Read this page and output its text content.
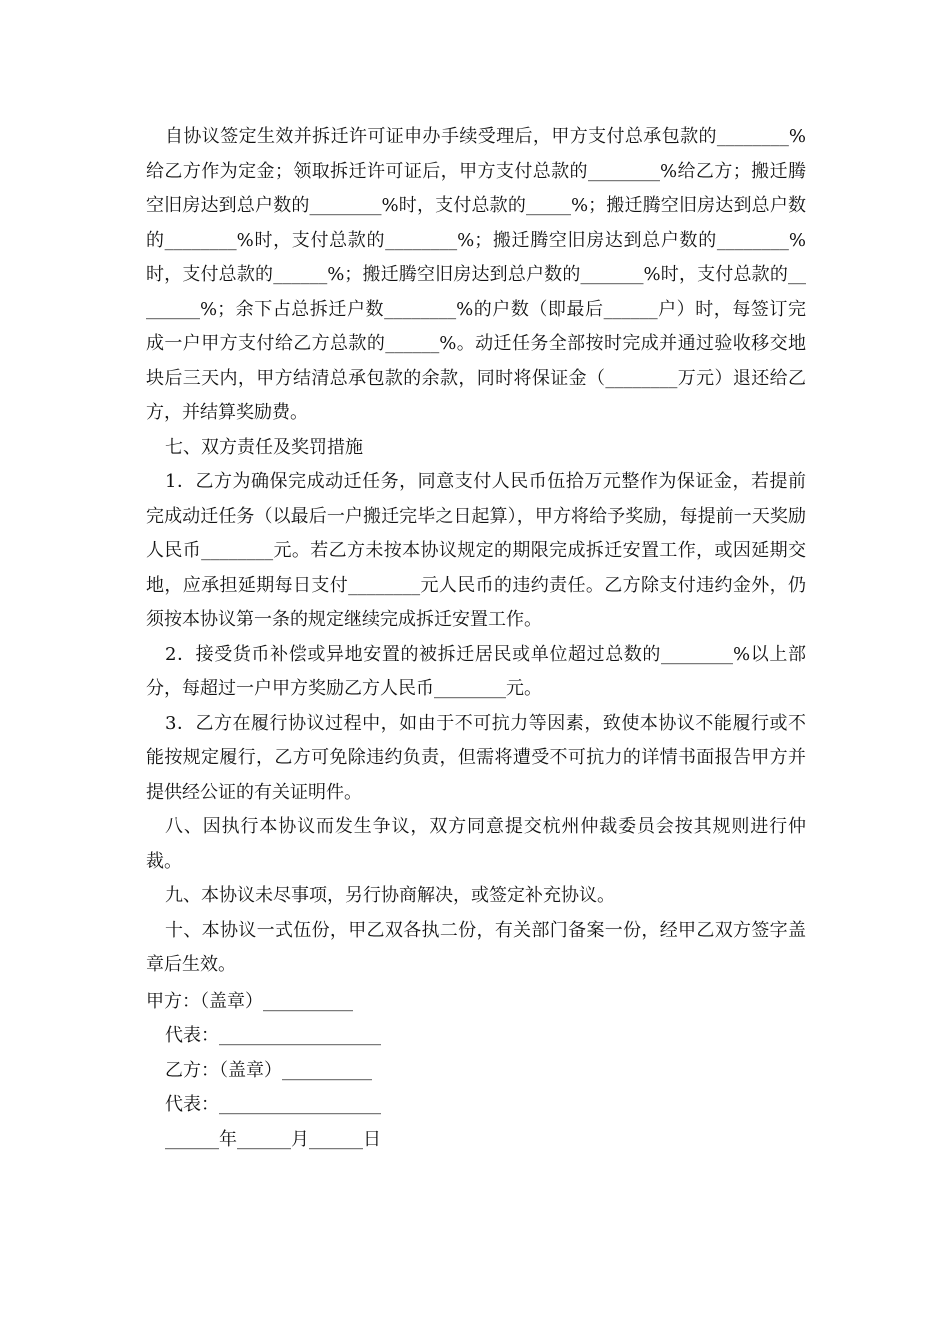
自协议签定生效并拆迁许可证申办手续受理后，甲方支付总承包款的________%给乙方作为定金；领取拆迁许可证后，甲方支付总款的________%给乙方；搬迁腾空旧房达到总户数的________%时，支付总款的_____%；搬迁腾空旧房达到总户数的________%时，支付总款的________%；搬迁腾空旧房达到总户数的________%时，支付总款的______%；搬迁腾空旧房达到总户数的_______%时，支付总款的________%；余下占总拆迁户数________%的户数（即最后______户）时，每签订完成一户甲方支付给乙方总款的______%。动迁任务全部按时完成并通过验收移交地块后三天内，甲方结清总承包款的余款，同时将保证金（________万元）退还给乙方，并结算奖励费。

七、双方责任及奖罚措施

1．乙方为确保完成动迁任务，同意支付人民币伍拾万元整作为保证金，若提前完成动迁任务（以最后一户搬迁完毕之日起算），甲方将给予奖励，每提前一天奖励人民币________元。若乙方未按本协议规定的期限完成拆迁安置工作，或因延期交地，应承担延期每日支付________元人民币的违约责任。乙方除支付违约金外，仍须按本协议第一条的规定继续完成拆迁安置工作。

2．接受货币补偿或异地安置的被拆迁居民或单位超过总数的________%以上部分，每超过一户甲方奖励乙方人民币________元。

3．乙方在履行协议过程中，如由于不可抗力等因素，致使本协议不能履行或不能按规定履行，乙方可免除违约负责，但需将遭受不可抗力的详情书面报告甲方并提供经公证的有关证明件。

八、因执行本协议而发生争议，双方同意提交杭州仲裁委员会按其规则进行仲裁。

九、本协议未尽事项，另行协商解决，或签定补充协议。

十、本协议一式伍份，甲乙双各执二份，有关部门备案一份，经甲乙双方签字盖章后生效。

甲方：（盖章）__________

代表：__________________

乙方：（盖章）__________

代表：__________________

______年______月______日
